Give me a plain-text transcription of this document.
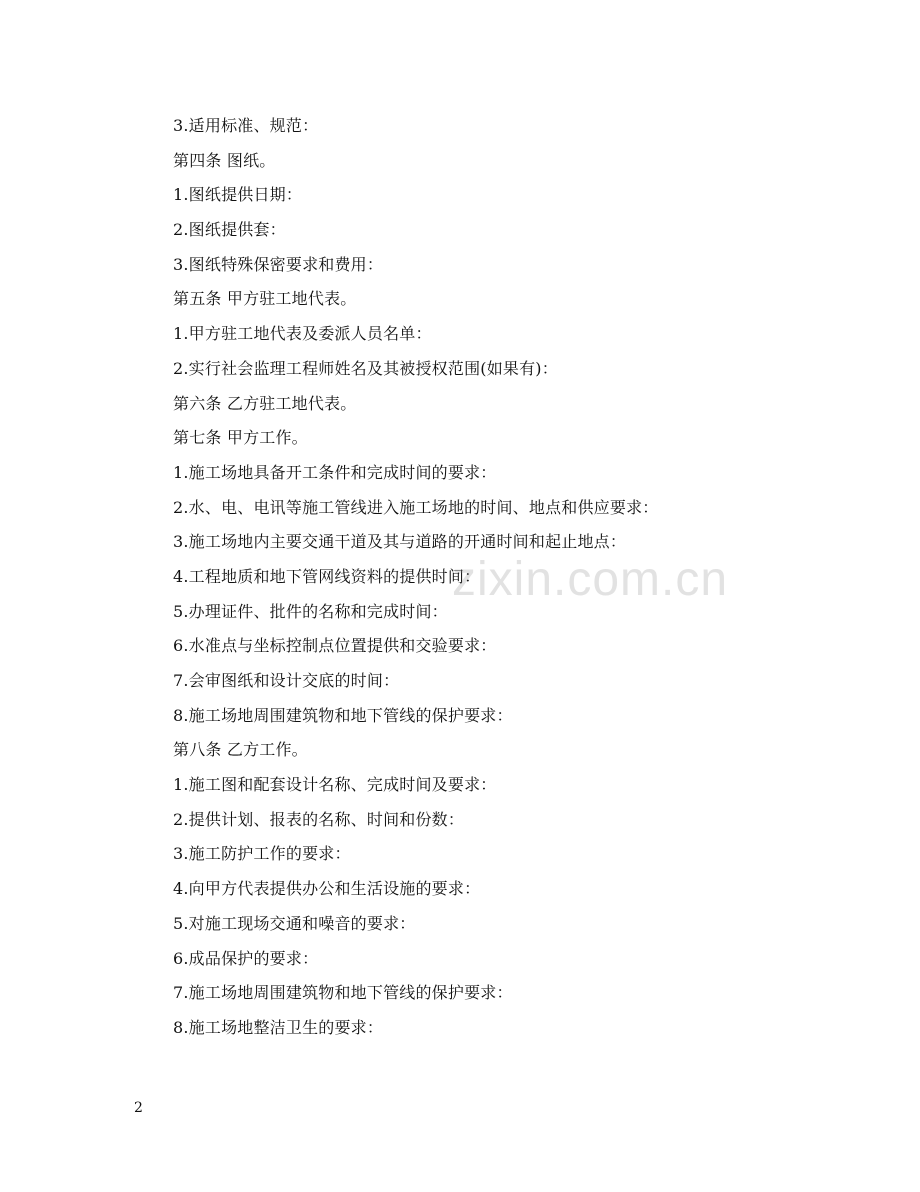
3.适用标准、规范：
第四条 图纸。
1.图纸提供日期：
2.图纸提供套：
3.图纸特殊保密要求和费用：
第五条 甲方驻工地代表。
1.甲方驻工地代表及委派人员名单：
2.实行社会监理工程师姓名及其被授权范围(如果有)：
第六条 乙方驻工地代表。
第七条 甲方工作。
1.施工场地具备开工条件和完成时间的要求：
2.水、电、电讯等施工管线进入施工场地的时间、地点和供应要求：
3.施工场地内主要交通干道及其与道路的开通时间和起止地点：
4.工程地质和地下管网线资料的提供时间：
5.办理证件、批件的名称和完成时间：
6.水准点与坐标控制点位置提供和交验要求：
7.会审图纸和设计交底的时间：
8.施工场地周围建筑物和地下管线的保护要求：
第八条 乙方工作。
1.施工图和配套设计名称、完成时间及要求：
2.提供计划、报表的名称、时间和份数：
3.施工防护工作的要求：
4.向甲方代表提供办公和生活设施的要求：
5.对施工现场交通和噪音的要求：
6.成品保护的要求：
7.施工场地周围建筑物和地下管线的保护要求：
8.施工场地整洁卫生的要求：
zixin.com.cn
2
